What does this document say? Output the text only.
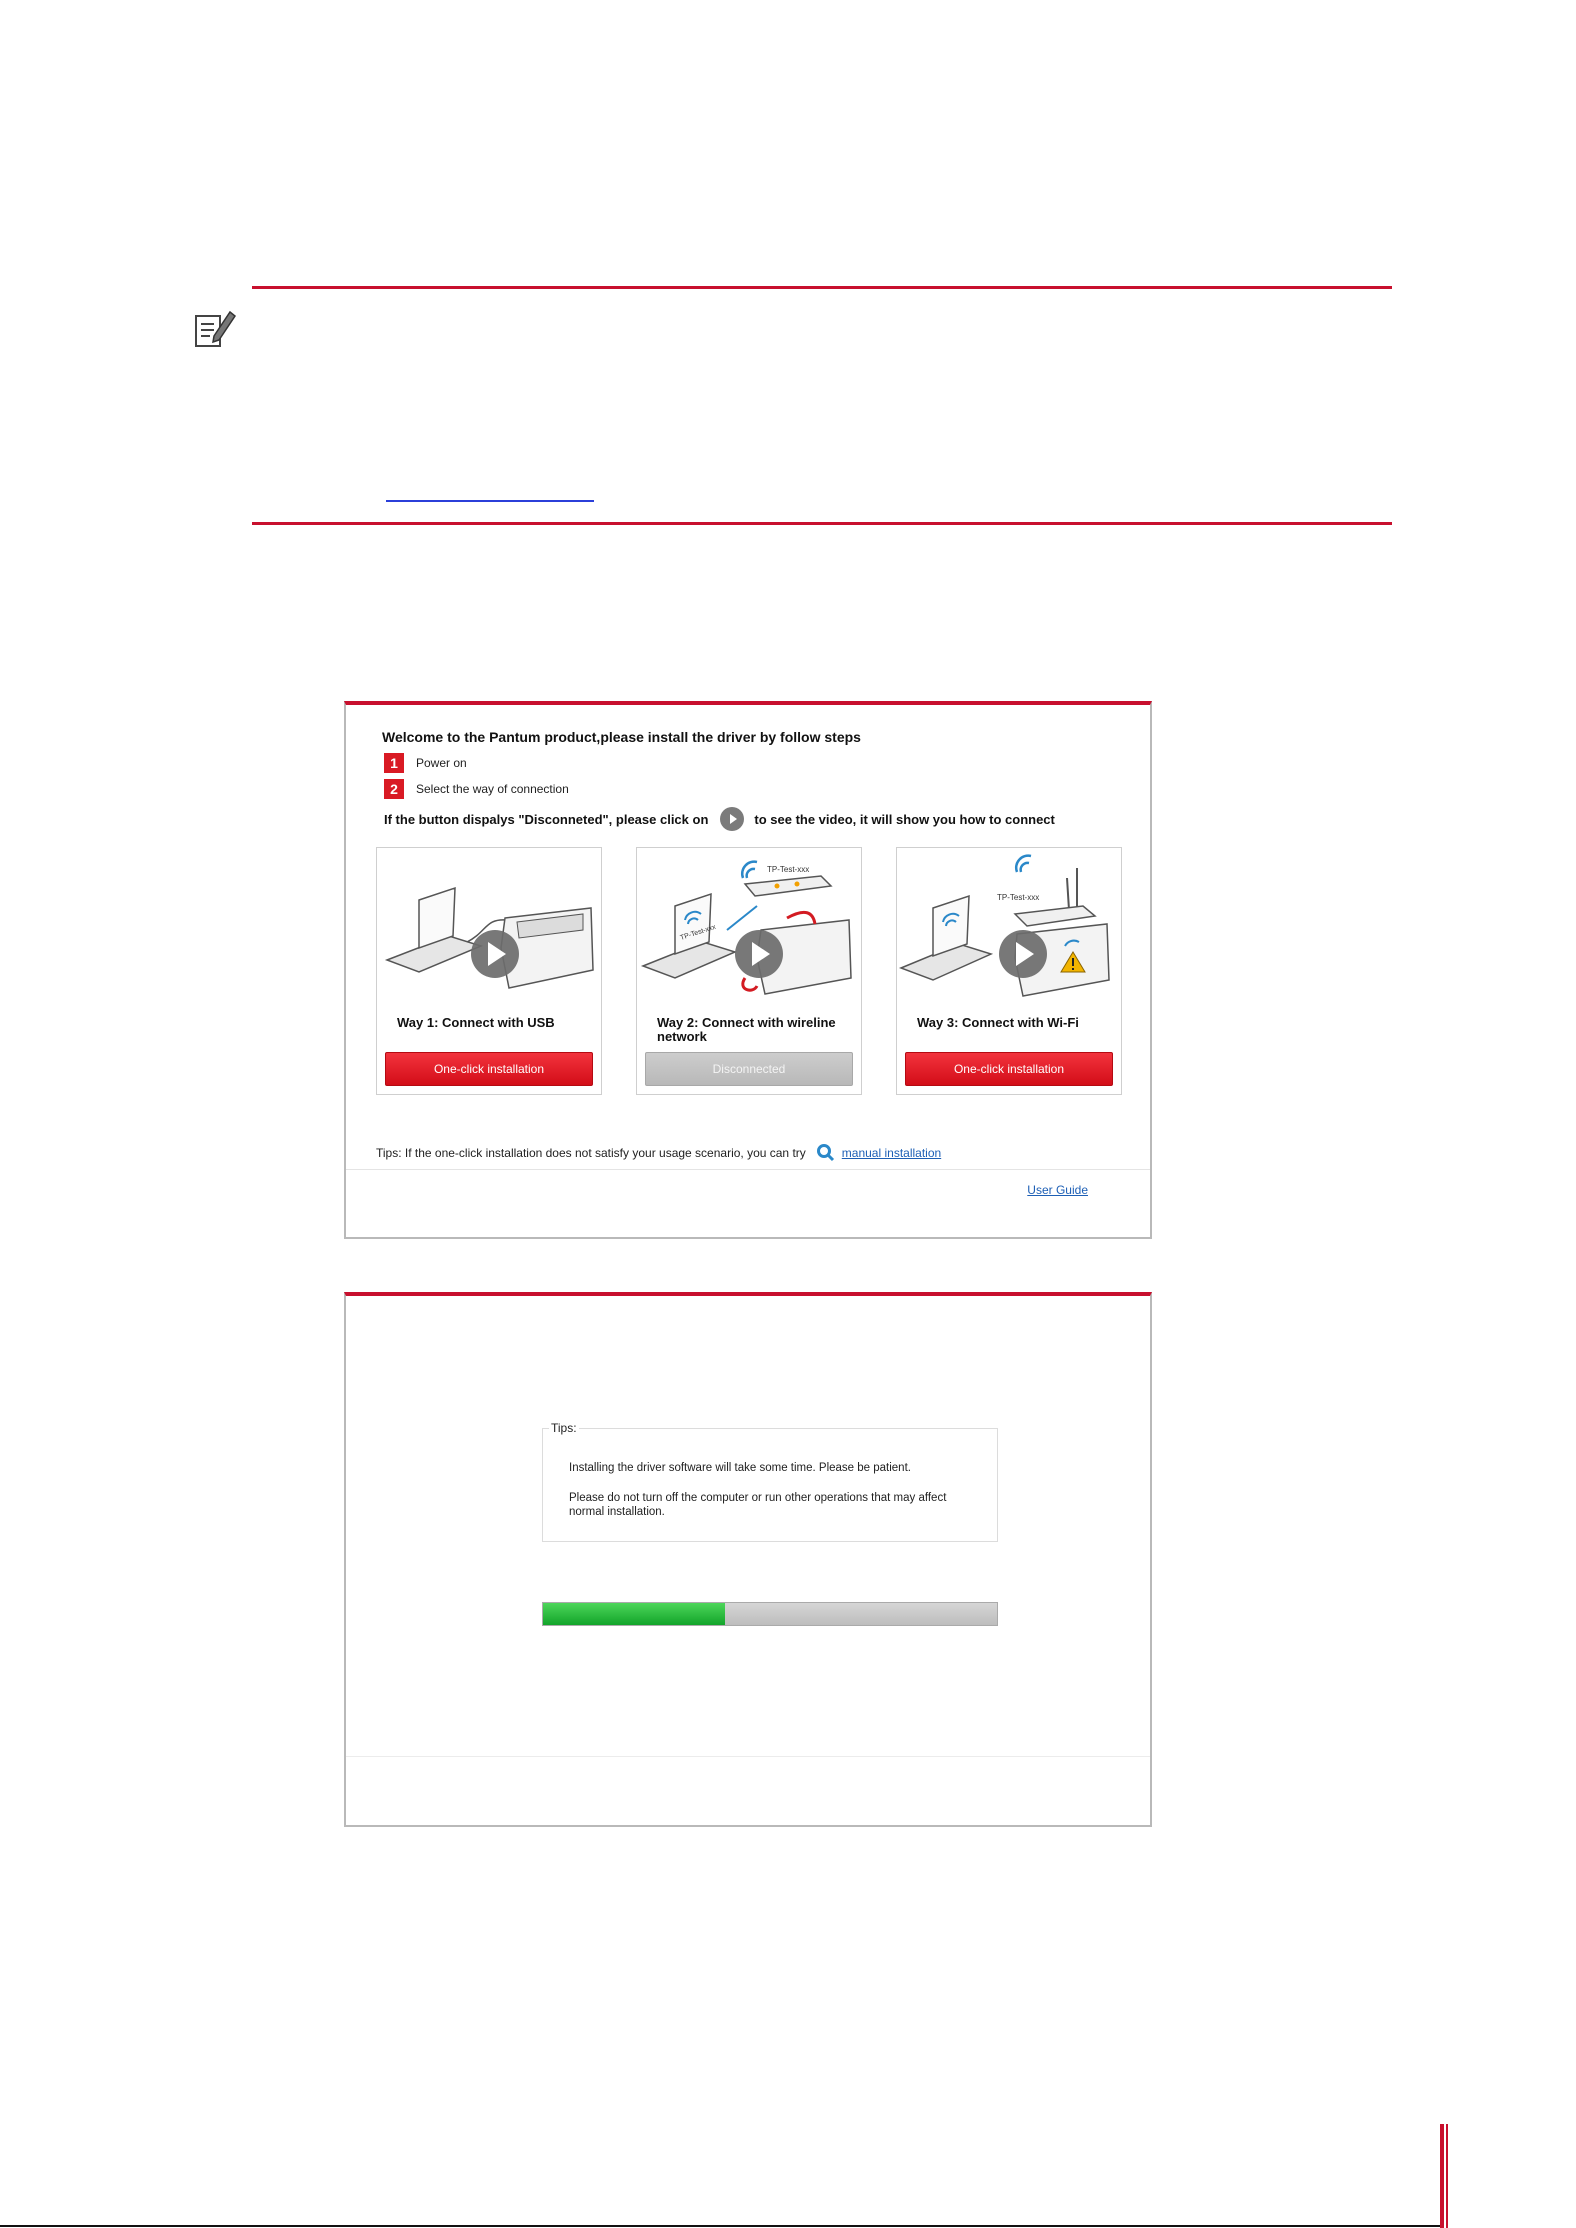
Welcome to the Pantum product,please install the driver by follow steps
1	Power on
2	Select the way of connection
If the button dispalys "Disconneted", please click on	to see the video, it will show you how to connect
Way 1: Connect with USB
One-click installation
TP-Test-xxx
TP-Test-xxx
Way 2: Connect with wireline network
Disconnected
TP-Test-xxx
Way 3: Connect with Wi-Fi
One-click installation
Tips: If the one-click installation does not satisfy your usage scenario, you can try	manual installation
User Guide
Tips:
Installing the driver software will take some time. Please be patient.
Please do not turn off the computer or run other operations that may affect normal installation.
